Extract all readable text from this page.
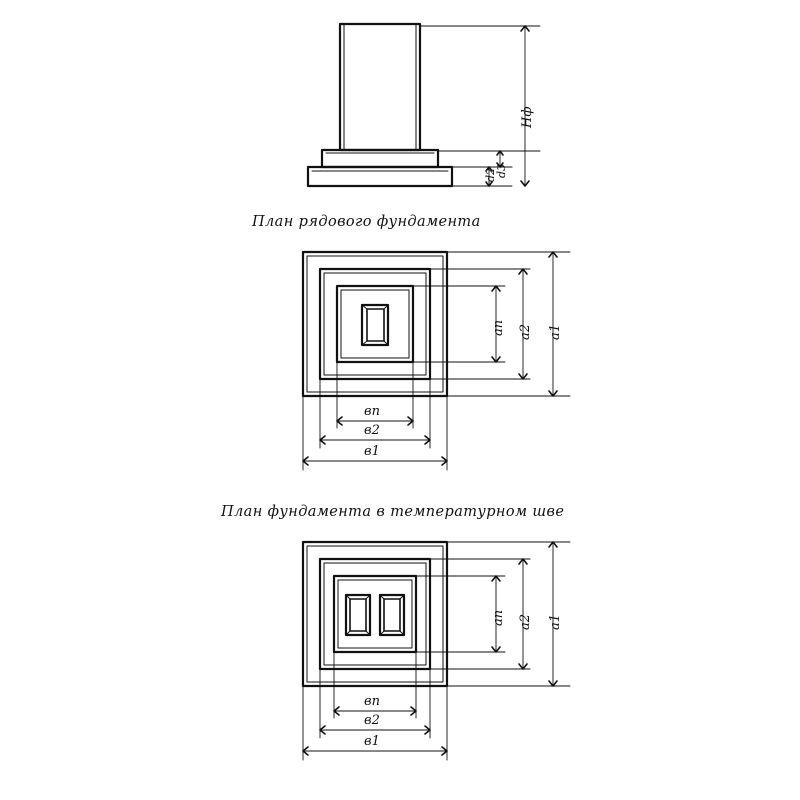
Hф
d3
d2
План рядового фундамента
aп a2 a1
вп
в2
в1
План фундамента в температурном шве
aп a2 a1
вп
в2
в1
